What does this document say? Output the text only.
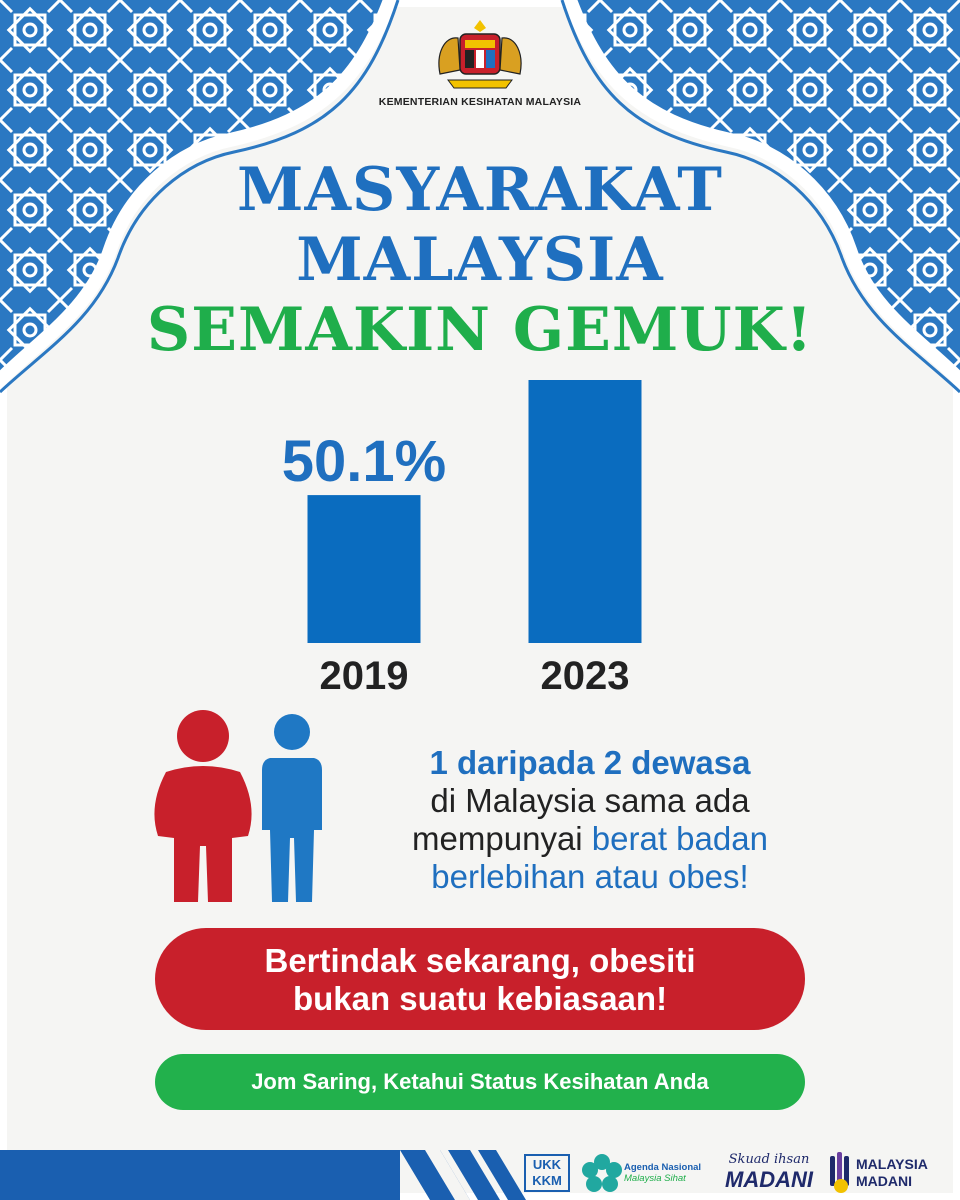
KEMENTERIAN KESIHATAN MALAYSIA
MASYARAKAT
MALAYSIA
SEMAKIN GEMUK!
50.1%
2019	2023
1 daripada 2 dewasa
di Malaysia sama ada
mempunyai berat badan
berlebihan atau obes!
Bertindak sekarang, obesiti
bukan suatu kebiasaan!
Jom Saring, Ketahui Status Kesihatan Anda
UKK
KKM
Agenda Nasional
Malaysia Sihat
Skuad ihsan
MADANI
MALAYSIA
MADANI
